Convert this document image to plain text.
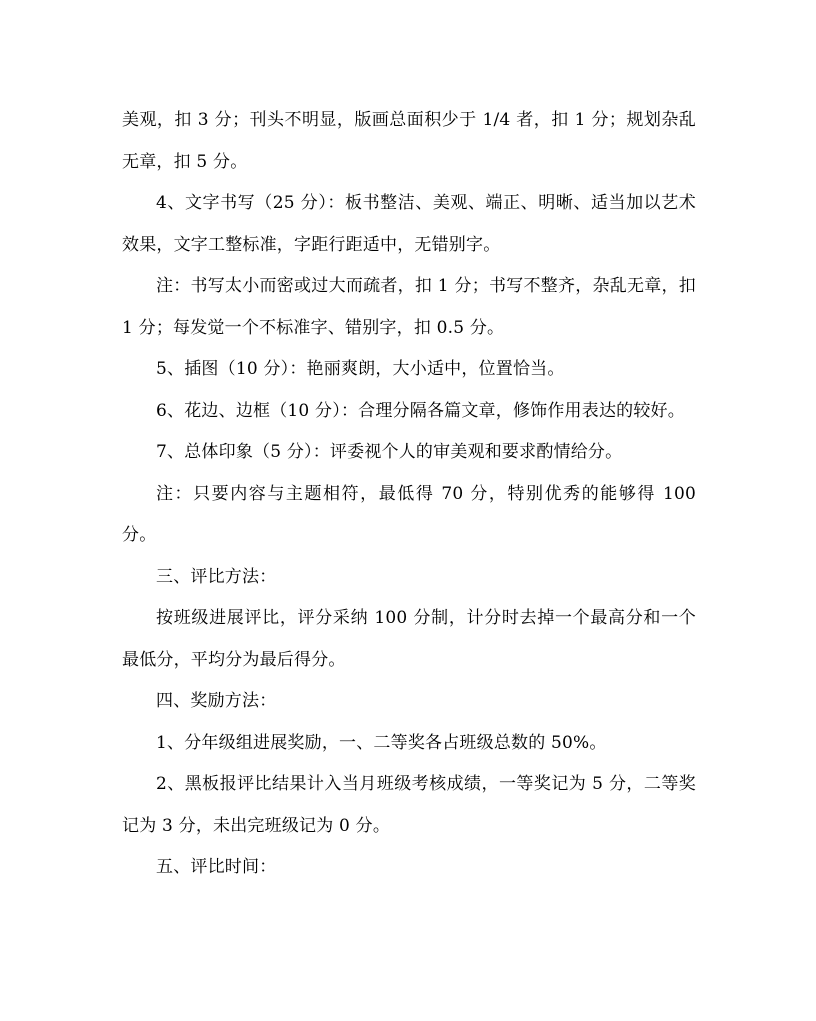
美观，扣 3 分；刊头不明显，版画总面积少于 1/4 者，扣 1 分；规划杂乱无章，扣 5 分。

4、文字书写（25 分）：板书整洁、美观、端正、明晰、适当加以艺术效果，文字工整标准，字距行距适中，无错别字。

注：书写太小而密或过大而疏者，扣 1 分；书写不整齐，杂乱无章，扣 1 分；每发觉一个不标准字、错别字，扣 0.5 分。

5、插图（10 分）：艳丽爽朗，大小适中，位置恰当。

6、花边、边框（10 分）：合理分隔各篇文章，修饰作用表达的较好。

7、总体印象（5 分）：评委视个人的审美观和要求酌情给分。

注：只要内容与主题相符，最低得 70 分，特别优秀的能够得 100 分。

三、评比方法：

按班级进展评比，评分采纳 100 分制，计分时去掉一个最高分和一个最低分，平均分为最后得分。

四、奖励方法：

1、分年级组进展奖励，一、二等奖各占班级总数的 50%。

2、黑板报评比结果计入当月班级考核成绩，一等奖记为 5 分，二等奖记为 3 分，未出完班级记为 0 分。

五、评比时间：
